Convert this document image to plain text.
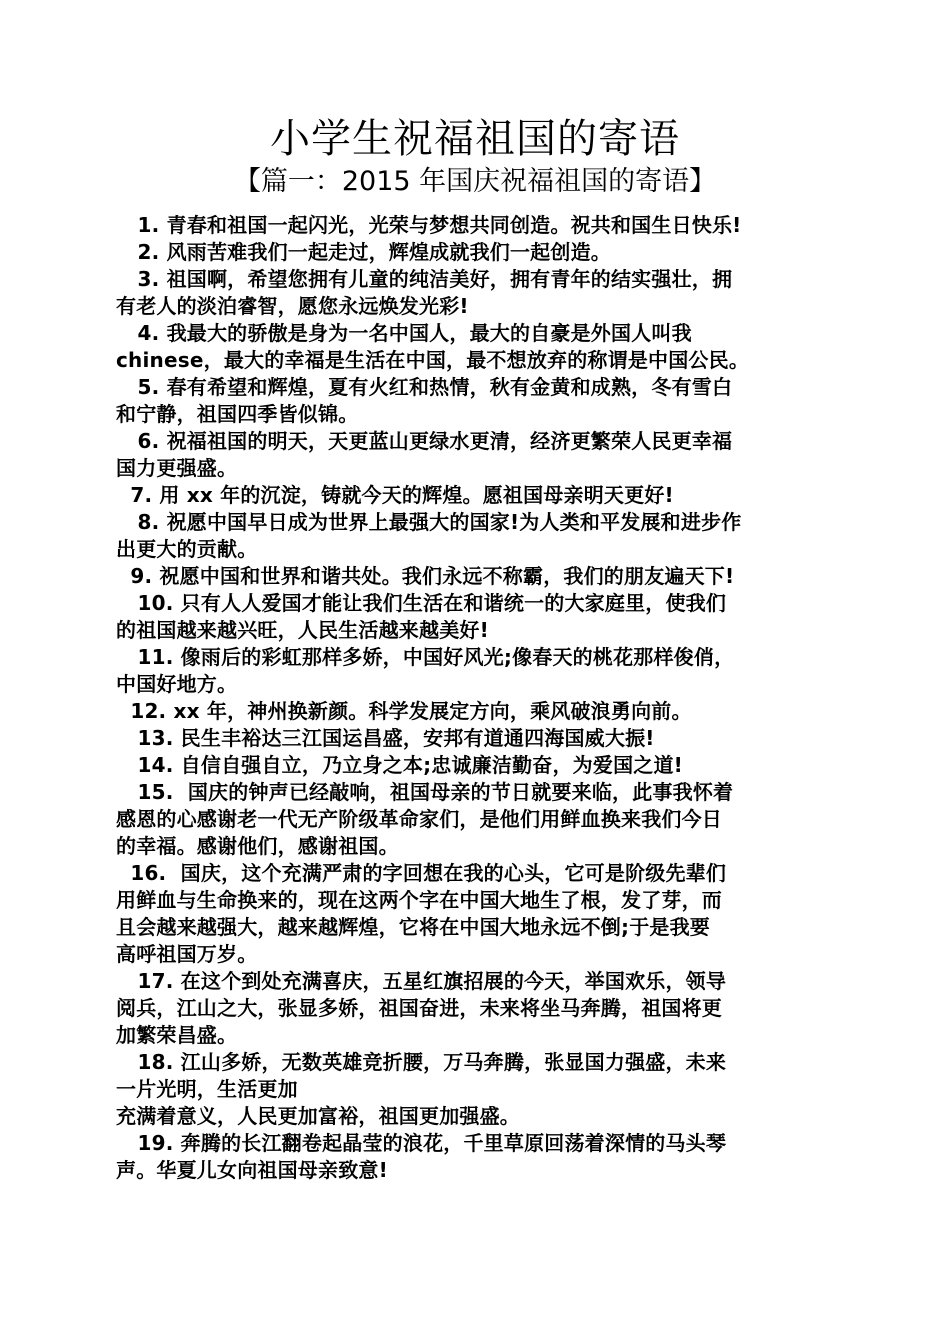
小学生祝福祖国的寄语
【篇一：2015 年国庆祝福祖国的寄语】
1. 青春和祖国一起闪光，光荣与梦想共同创造。祝共和国生日快乐!
2. 风雨苦难我们一起走过，辉煌成就我们一起创造。
3. 祖国啊，希望您拥有儿童的纯洁美好，拥有青年的结实强壮，拥
有老人的淡泊睿智，愿您永远焕发光彩!
4. 我最大的骄傲是身为一名中国人，最大的自豪是外国人叫我
chinese，最大的幸福是生活在中国，最不想放弃的称谓是中国公民。
5. 春有希望和辉煌，夏有火红和热情，秋有金黄和成熟，冬有雪白
和宁静，祖国四季皆似锦。
6. 祝福祖国的明天，天更蓝山更绿水更清，经济更繁荣人民更幸福
国力更强盛。
7. 用 xx 年的沉淀，铸就今天的辉煌。愿祖国母亲明天更好!
8. 祝愿中国早日成为世界上最强大的国家!为人类和平发展和进步作
出更大的贡献。
9. 祝愿中国和世界和谐共处。我们永远不称霸，我们的朋友遍天下!
10. 只有人人爱国才能让我们生活在和谐统一的大家庭里，使我们
的祖国越来越兴旺，人民生活越来越美好!
11. 像雨后的彩虹那样多娇，中国好风光;像春天的桃花那样俊俏，
中国好地方。
12. xx 年，神州换新颜。科学发展定方向，乘风破浪勇向前。
13. 民生丰裕达三江国运昌盛，安邦有道通四海国威大振!
14. 自信自强自立，乃立身之本;忠诚廉洁勤奋，为爱国之道!
15.  国庆的钟声已经敲响，祖国母亲的节日就要来临，此事我怀着
感恩的心感谢老一代无产阶级革命家们，是他们用鲜血换来我们今日
的幸福。感谢他们，感谢祖国。
16.  国庆，这个充满严肃的字回想在我的心头，它可是阶级先辈们
用鲜血与生命换来的，现在这两个字在中国大地生了根，发了芽，而
且会越来越强大，越来越辉煌，它将在中国大地永远不倒;于是我要
高呼祖国万岁。
17. 在这个到处充满喜庆，五星红旗招展的今天，举国欢乐，领导
阅兵，江山之大，张显多娇，祖国奋进，未来将坐马奔腾，祖国将更
加繁荣昌盛。
18. 江山多娇，无数英雄竞折腰，万马奔腾，张显国力强盛，未来
一片光明，生活更加
充满着意义，人民更加富裕，祖国更加强盛。
19. 奔腾的长江翻卷起晶莹的浪花，千里草原回荡着深情的马头琴
声。华夏儿女向祖国母亲致意!
